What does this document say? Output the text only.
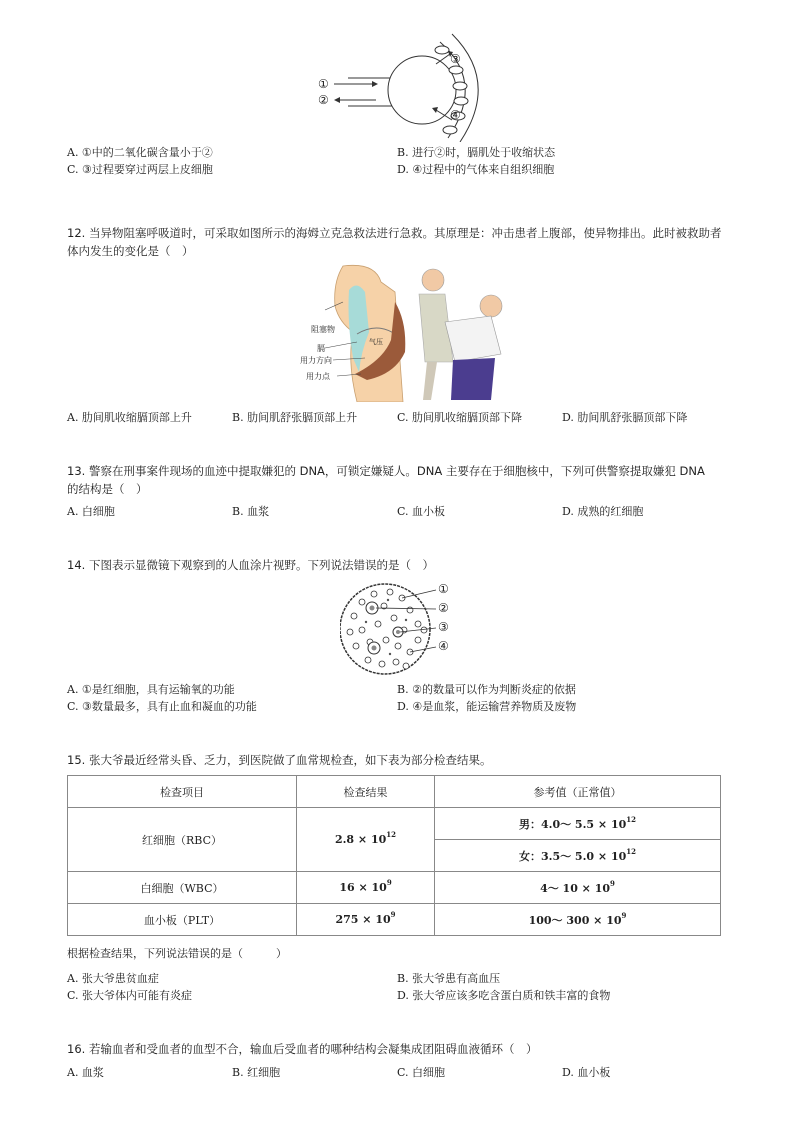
①
②
③
④
A. ①中的二氧化碳含量小于②	B. 进行②时，膈肌处于收缩状态
C. ③过程要穿过两层上皮细胞	D. ④过程中的气体来自组织细胞
12. 当异物阻塞呼吸道时，可采取如图所示的海姆立克急救法进行急救。其原理是：冲击患者上腹部，使异物排出。此时被救助者
体内发生的变化是（　）
阻塞物
膈
气压
用力方向
用力点
A. 肋间肌收缩膈顶部上升	B. 肋间肌舒张膈顶部上升	C. 肋间肌收缩膈顶部下降	D. 肋间肌舒张膈顶部下降
13. 警察在刑事案件现场的血迹中提取嫌犯的 DNA，可锁定嫌疑人。DNA 主要存在于细胞核中，下列可供警察提取嫌犯 DNA
的结构是（　）
A. 白细胞	B. 血浆	C. 血小板	D. 成熟的红细胞
14. 下图表示显微镜下观察到的人血涂片视野。下列说法错误的是（　）
①
②
③
④
A. ①是红细胞，具有运输氧的功能	B. ②的数量可以作为判断炎症的依据
C. ③数量最多，具有止血和凝血的功能	D. ④是血浆，能运输营养物质及废物
15. 张大爷最近经常头昏、乏力，到医院做了血常规检查，如下表为部分检查结果。
检查项目	检查结果	参考值（正常值）
红细胞（RBC）	$2.8 \times 10^{12}$	男：4.0～ $5.5 \times 10^{12}$
		女：3.5～ $5.0 \times 10^{12}$
白细胞（WBC）	$16 \times 10^9$	4～ $10 \times 10^9$
血小板（PLT）	$275 \times 10^9$	100～ $300 \times 10^9$
根据检查结果，下列说法错误的是（　　　）
A. 张大爷患贫血症	B. 张大爷患有高血压
C. 张大爷体内可能有炎症	D. 张大爷应该多吃含蛋白质和铁丰富的食物
16. 若输血者和受血者的血型不合，输血后受血者的哪种结构会凝集成团阻碍血液循环（　）
A. 血浆	B. 红细胞	C. 白细胞	D. 血小板
